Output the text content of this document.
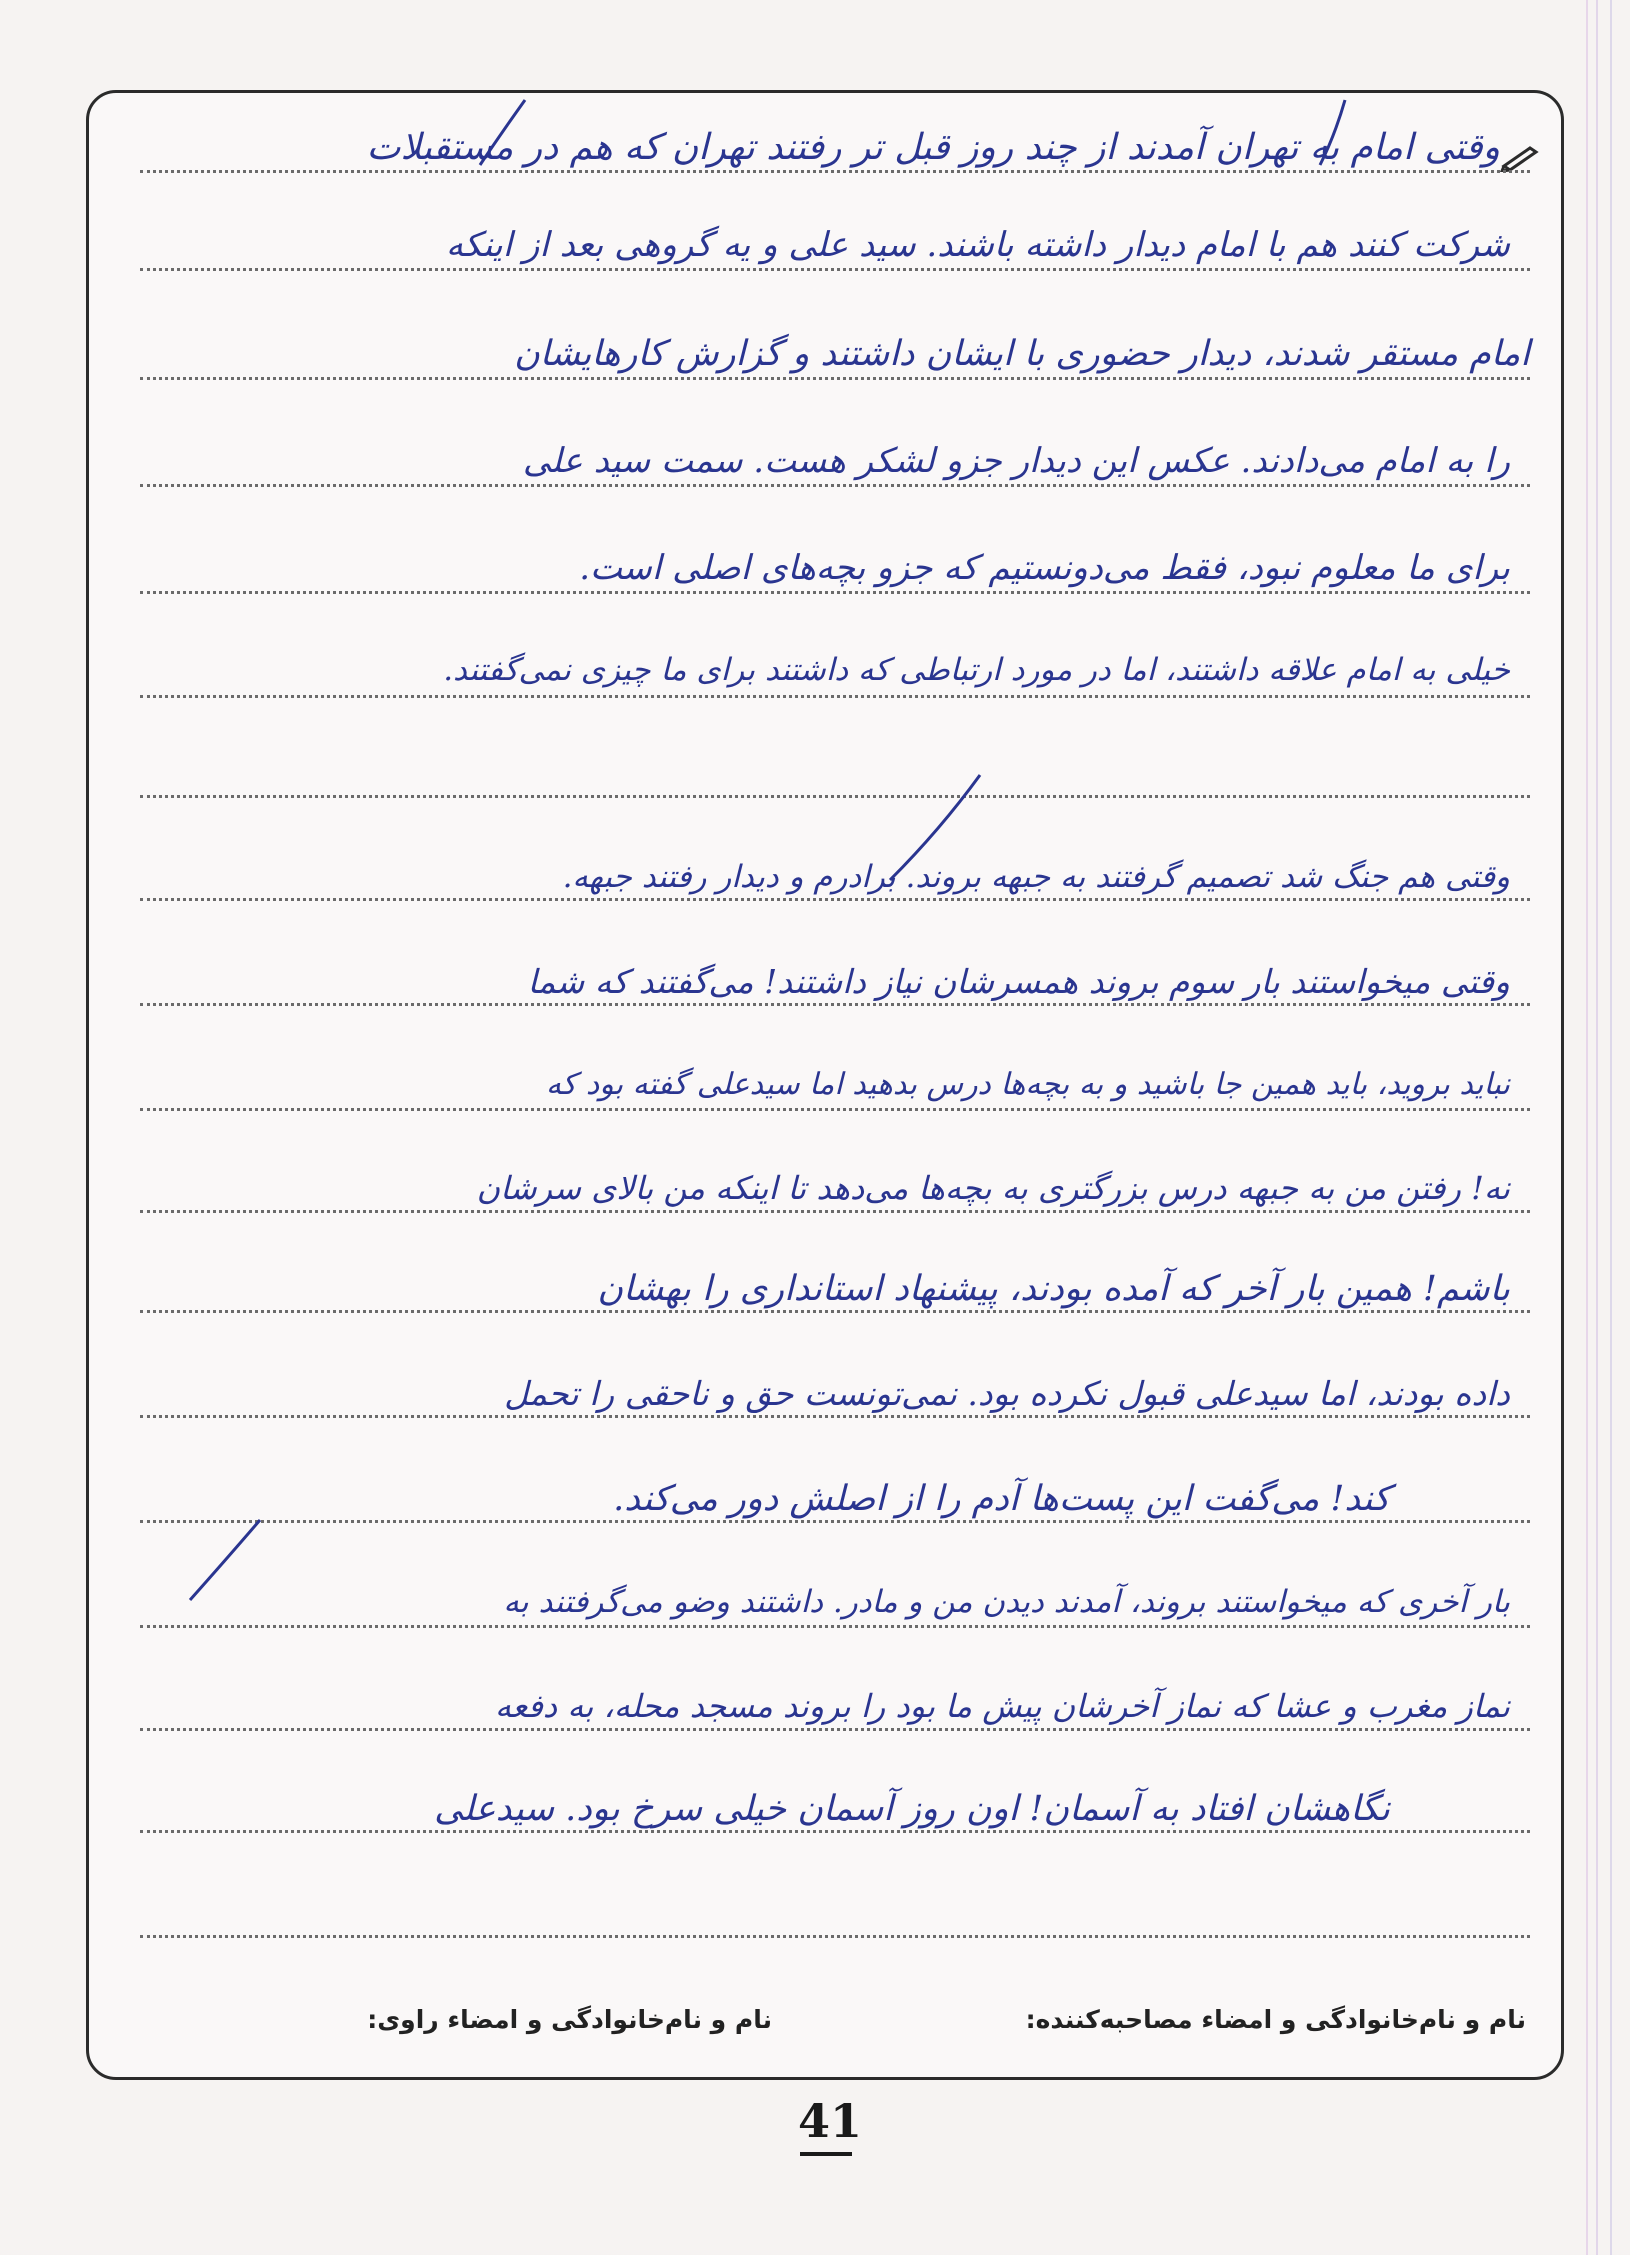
وقتی امام به تهران آمدند از چند روز قبل تر رفتند تهران که هم در مستقبلات
شرکت کنند هم با امام دیدار داشته باشند. سید علی و یه گروهی بعد از اینکه
امام مستقر شدند، دیدار حضوری با ایشان داشتند و گزارش کارهایشان
را به امام می‌دادند. عکس این دیدار جزو لشکر هست. سمت سید علی
برای ما معلوم نبود، فقط می‌دونستیم که جزو بچه‌های اصلی است.
خیلی به امام علاقه داشتند، اما در مورد ارتباطی که داشتند برای ما چیزی نمی‌گفتند.
وقتی هم جنگ شد تصمیم گرفتند به جبهه بروند. برادرم و دیدار رفتند جبهه.
وقتی میخواستند بار سوم بروند همسرشان نیاز داشتند! می‌گفتند که شما
نباید بروید، باید همین جا باشید و به بچه‌ها درس بدهید اما سیدعلی گفته بود که
نه! رفتن من به جبهه درس بزرگتری به بچه‌ها می‌دهد تا اینکه من بالای سرشان
باشم! همین بار آخر که آمده بودند، پیشنهاد استانداری را بهشان
داده بودند، اما سیدعلی قبول نکرده بود. نمی‌تونست حق و ناحقی را تحمل
کند! می‌گفت این پست‌ها آدم را از اصلش دور می‌کند.
بار آخری که میخواستند بروند، آمدند دیدن من و مادر. داشتند وضو می‌گرفتند به
نماز مغرب و عشا که نماز آخرشان پیش ما بود را بروند مسجد محله، به دفعه
نگاهشان افتاد به آسمان! اون روز آسمان خیلی سرخ بود. سیدعلی
نام و نام‌خانوادگی و امضاء مصاحبه‌کننده:
نام و نام‌خانوادگی و امضاء راوی:
41
